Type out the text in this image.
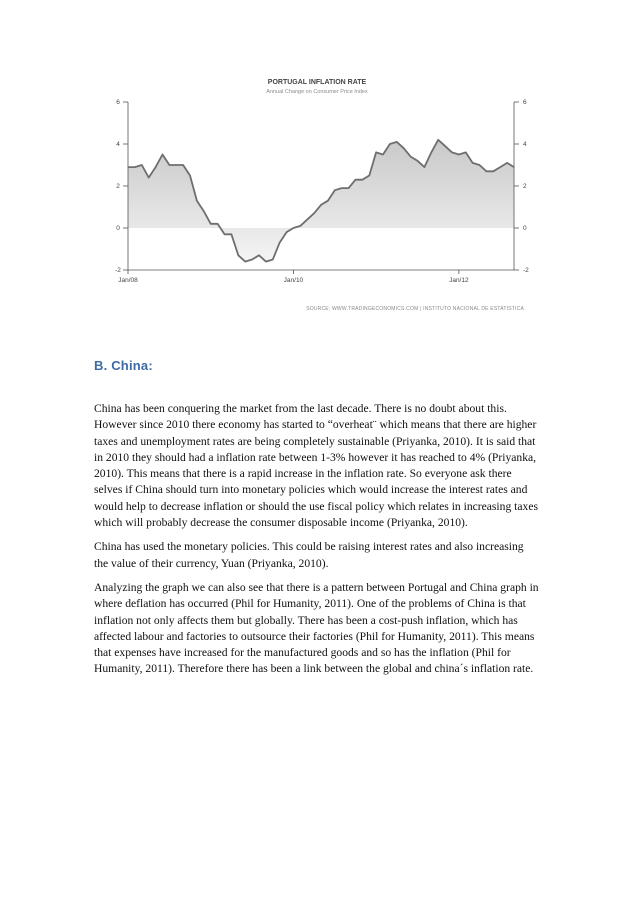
PORTUGAL INFLATION RATE
Annual Change on Consumer Price Index
6	6
4	4
2	2
0	0
-2	-2
Jan/08	Jan/10	Jan/12
SOURCE: WWW.TRADINGECONOMICS.COM | INSTITUTO NACIONAL DE ESTATISTICA
B. China:

China has been conquering the market from the last decade. There is no doubt about this. However since 2010 there economy has started to “overheat¨ which means that there are higher taxes and unemployment rates are being completely sustainable (Priyanka, 2010). It is said that in 2010 they should had a inflation rate between 1-3% however it has reached to 4% (Priyanka, 2010). This means that there is a rapid increase in the inflation rate. So everyone ask there selves if China should turn into monetary policies which would increase the interest rates and would help to decrease inflation or should the use fiscal policy which relates in increasing taxes which will probably decrease the consumer disposable income (Priyanka, 2010).

China has used the monetary policies. This could be raising interest rates and also increasing the value of their currency, Yuan (Priyanka, 2010).

Analyzing the graph we can also see that there is a pattern between Portugal and China graph in where deflation has occurred (Phil for Humanity, 2011). One of the problems of China is that inflation not only affects them but globally. There has been a cost-push inflation, which has affected labour and factories to outsource their factories (Phil for Humanity, 2011). This means that expenses have increased for the manufactured goods and so has the inflation (Phil for Humanity, 2011). Therefore there has been a link between the global and china´s inflation rate.
